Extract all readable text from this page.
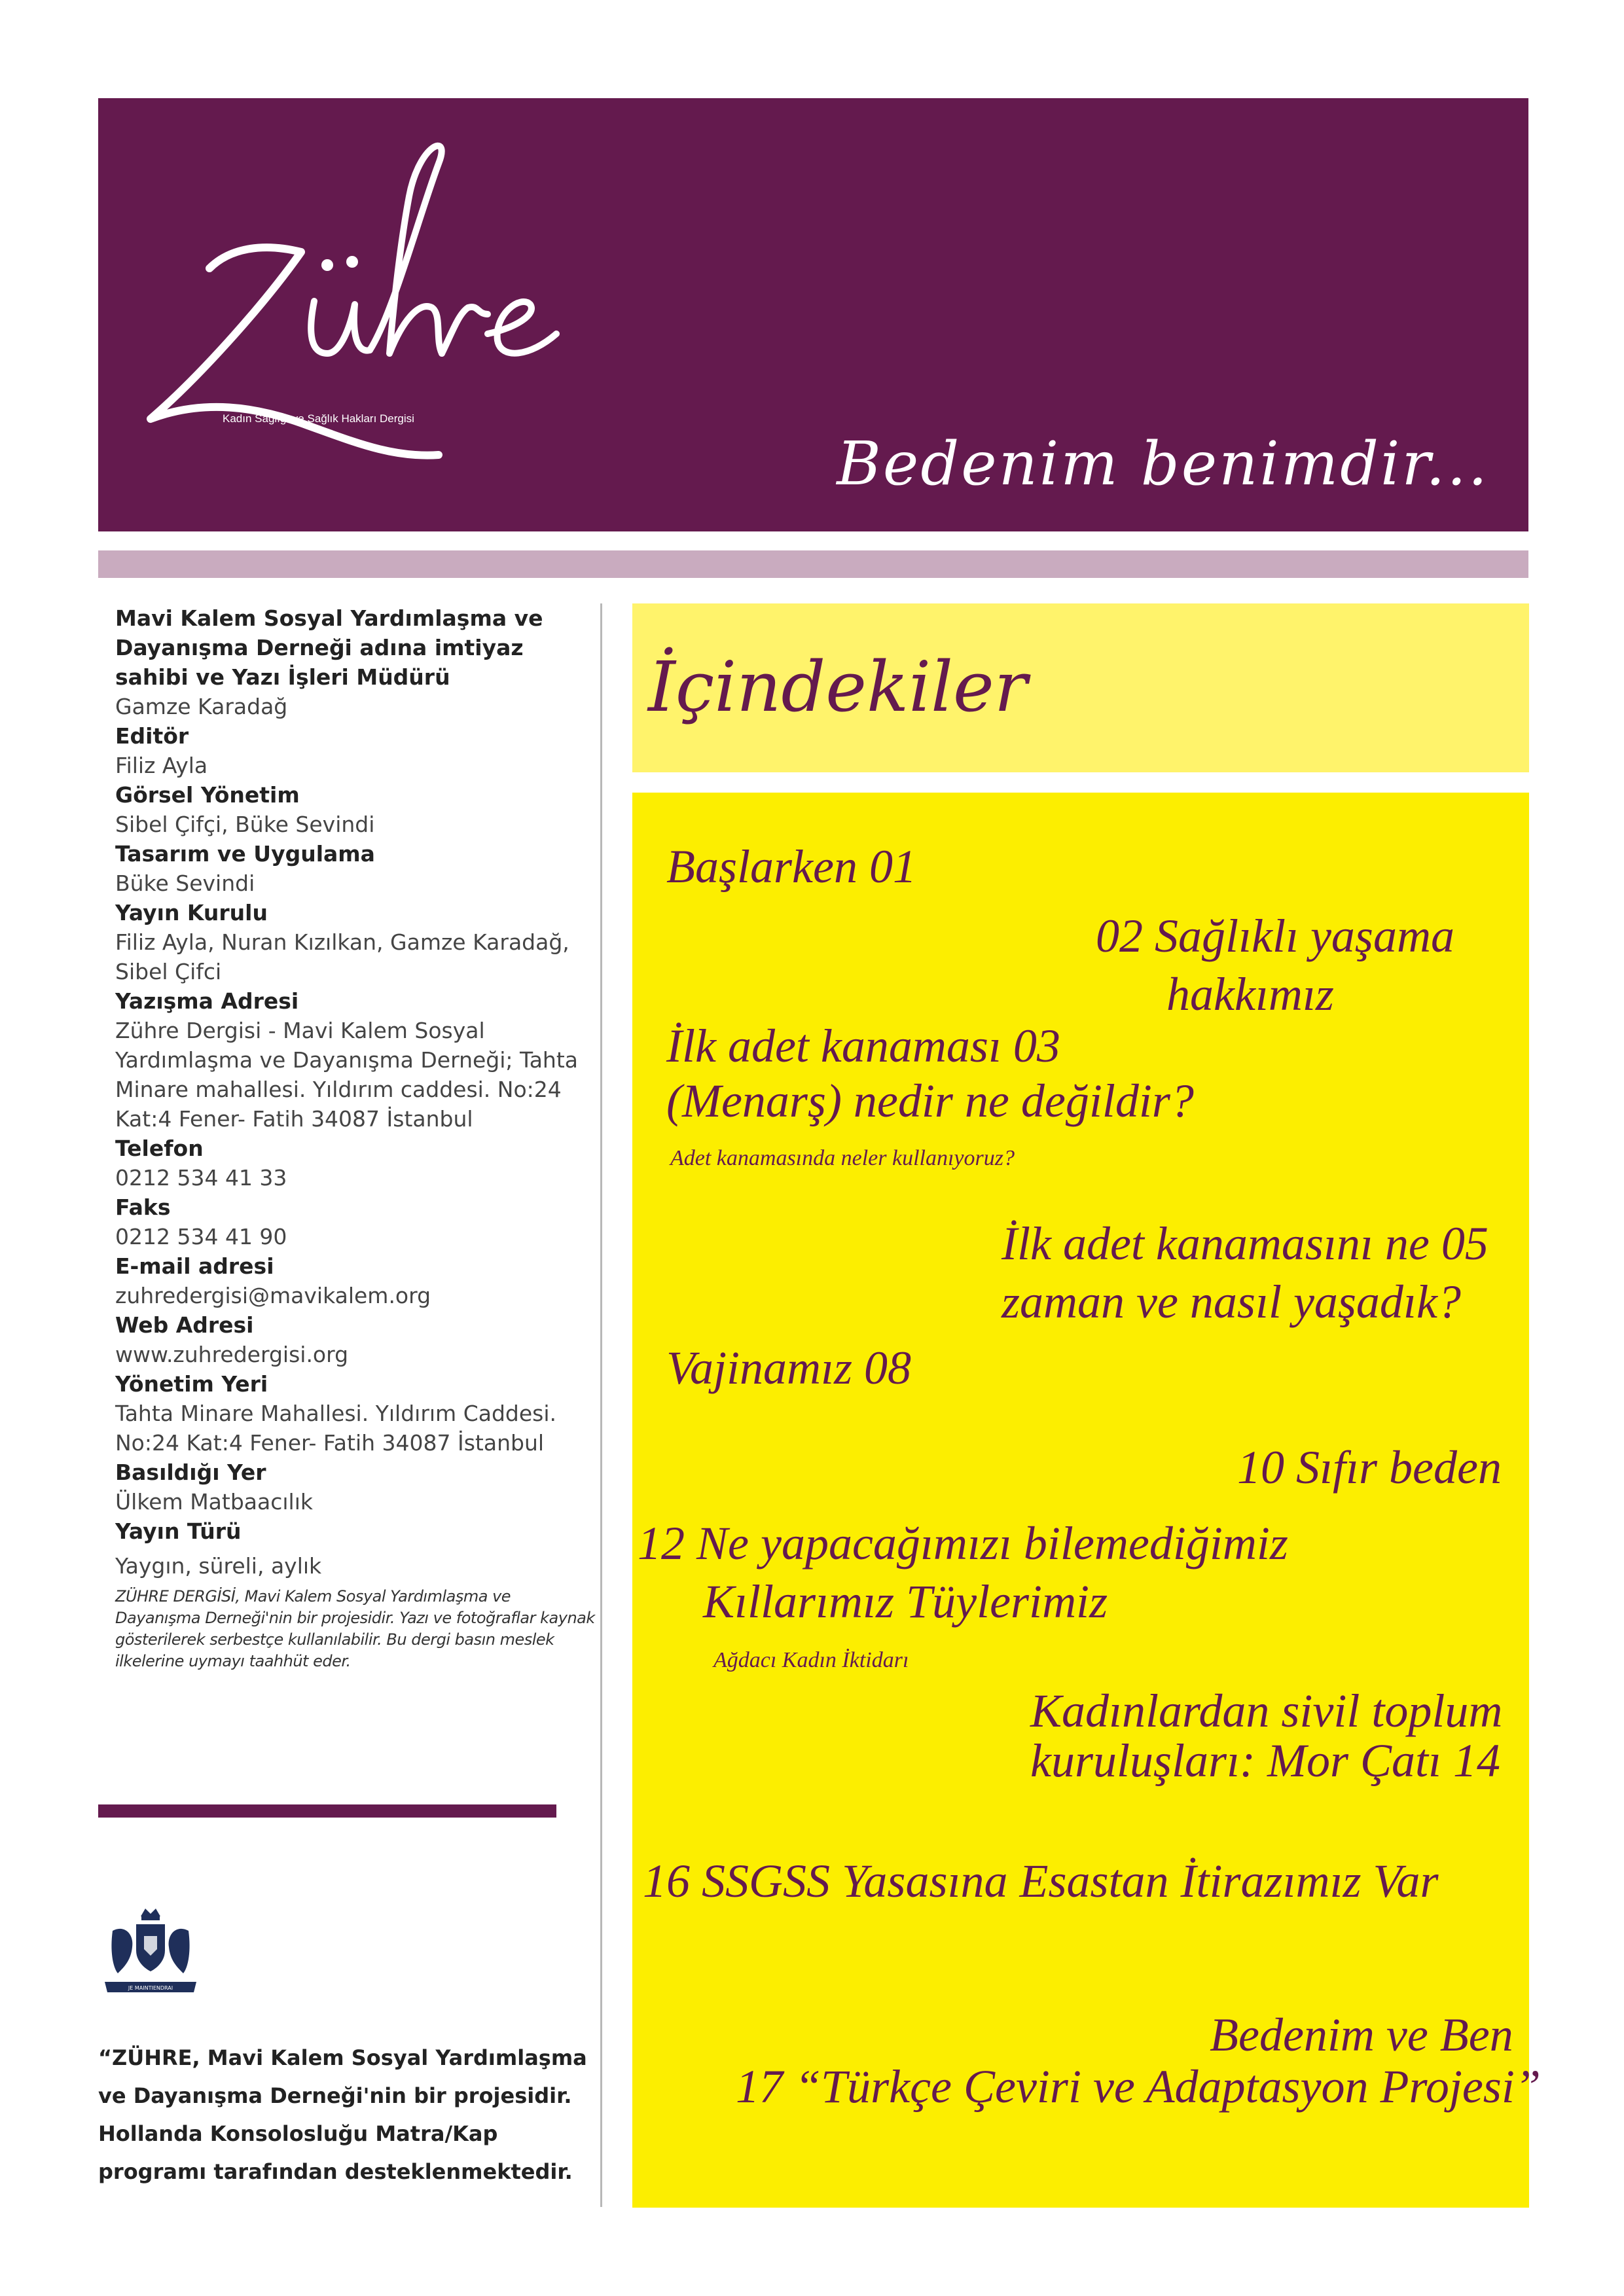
Kadın Sağlığı ve Sağlık Hakları Dergisi
Bedenim benimdir...
Mavi Kalem Sosyal Yardımlaşma ve Dayanışma Derneği adına imtiyaz sahibi ve Yazı İşleri Müdürü
Gamze Karadağ
Editör
Filiz Ayla
Görsel Yönetim
Sibel Çifçi, Büke Sevindi
Tasarım ve Uygulama
Büke Sevindi
Yayın Kurulu
Filiz Ayla, Nuran Kızılkan, Gamze Karadağ, Sibel Çifci
Yazışma Adresi
Zühre Dergisi - Mavi Kalem Sosyal Yardımlaşma ve Dayanışma Derneği; Tahta Minare mahallesi. Yıldırım caddesi. No:24 Kat:4 Fener- Fatih 34087 İstanbul
Telefon
0212 534 41 33
Faks
0212 534 41 90
E-mail adresi
zuhredergisi@mavikalem.org
Web Adresi
www.zuhredergisi.org
Yönetim Yeri
Tahta Minare Mahallesi. Yıldırım Caddesi. No:24 Kat:4 Fener- Fatih 34087 İstanbul
Basıldığı Yer
Ülkem Matbaacılık
Yayın Türü
Yaygın, süreli, aylık
ZÜHRE DERGİSİ, Mavi Kalem Sosyal Yardımlaşma ve Dayanışma Derneği'nin bir projesidir. Yazı ve fotoğraflar kaynak gösterilerek serbestçe kullanılabilir. Bu dergi basın meslek ilkelerine uymayı taahhüt eder.
JE MAINTIENDRAI
“ZÜHRE, Mavi Kalem Sosyal Yardımlaşma ve Dayanışma Derneği'nin bir projesidir. Hollanda Konsolosluğu Matra/Kap programı tarafından desteklenmektedir.
İçindekiler
Başlarken 01
02 Sağlıklı yaşama
hakkımız
İlk adet kanaması 03
(Menarş) nedir ne değildir?
Adet kanamasında neler kullanıyoruz?
İlk adet kanamasını ne 05
zaman ve nasıl yaşadık?
Vajinamız 08
10 Sıfır beden
12 Ne yapacağımızı bilemediğimiz
Kıllarımız Tüylerimiz
Ağdacı Kadın İktidarı
Kadınlardan sivil toplum
kuruluşları: Mor Çatı 14
16 SSGSS Yasasına Esastan İtirazımız Var
Bedenim ve Ben
17 “Türkçe Çeviri ve Adaptasyon Projesi”
